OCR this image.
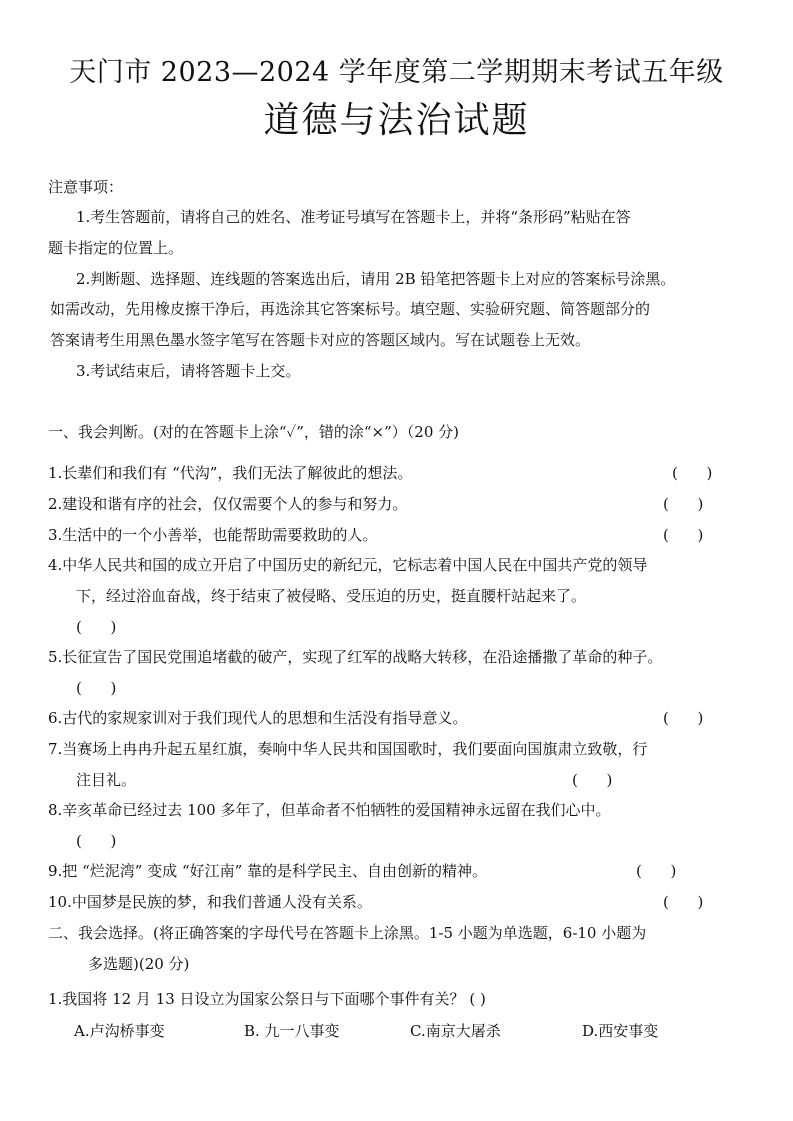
天门市 2023—2024 学年度第二学期期末考试五年级
道德与法治试题
注意事项：
1.考生答题前，请将自己的姓名、准考证号填写在答题卡上，并将“条形码”粘贴在答
题卡指定的位置上。
2.判断题、选择题、连线题的答案选出后，请用 2B 铅笔把答题卡上对应的答案标号涂黑。
如需改动，先用橡皮擦干净后，再选涂其它答案标号。填空题、实验研究题、简答题部分的
答案请考生用黑色墨水签字笔写在答题卡对应的答题区域内。写在试题卷上无效。
3.考试结束后，请将答题卡上交。
一、我会判断。(对的在答题卡上涂“✓”，错的涂“×”）（20 分)
1.长辈们和我们有 “代沟”，我们无法了解彼此的想法。	(      )
2.建设和谐有序的社会，仅仅需要个人的参与和努力。	(      )
3.生活中的一个小善举，也能帮助需要救助的人。	(      )
4.中华人民共和国的成立开启了中国历史的新纪元，它标志着中国人民在中国共产党的领导
下，经过浴血奋战，终于结束了被侵略、受压迫的历史，挺直腰杆站起来了。
(      )
5.长征宣告了国民党围追堵截的破产，实现了红军的战略大转移，在沿途播撒了革命的种子。
(      )
6.古代的家规家训对于我们现代人的思想和生活没有指导意义。	(      )
7.当赛场上冉冉升起五星红旗，奏响中华人民共和国国歌时，我们要面向国旗肃立致敬，行
注目礼。	(      )
8.辛亥革命已经过去 100 多年了，但革命者不怕牺牲的爱国精神永远留在我们心中。
(      )
9.把 “烂泥湾” 变成 “好江南” 靠的是科学民主、自由创新的精神。	(      )
10.中国梦是民族的梦，和我们普通人没有关系。	(      )
二、我会选择。(将正确答案的字母代号在答题卡上涂黑。1-5 小题为单选题，6-10 小题为
多选题)(20 分)
1.我国将 12 月 13 日设立为国家公祭日与下面哪个事件有关？ ( )
A.卢沟桥事变	B. 九一八事变	C.南京大屠杀	D.西安事变
